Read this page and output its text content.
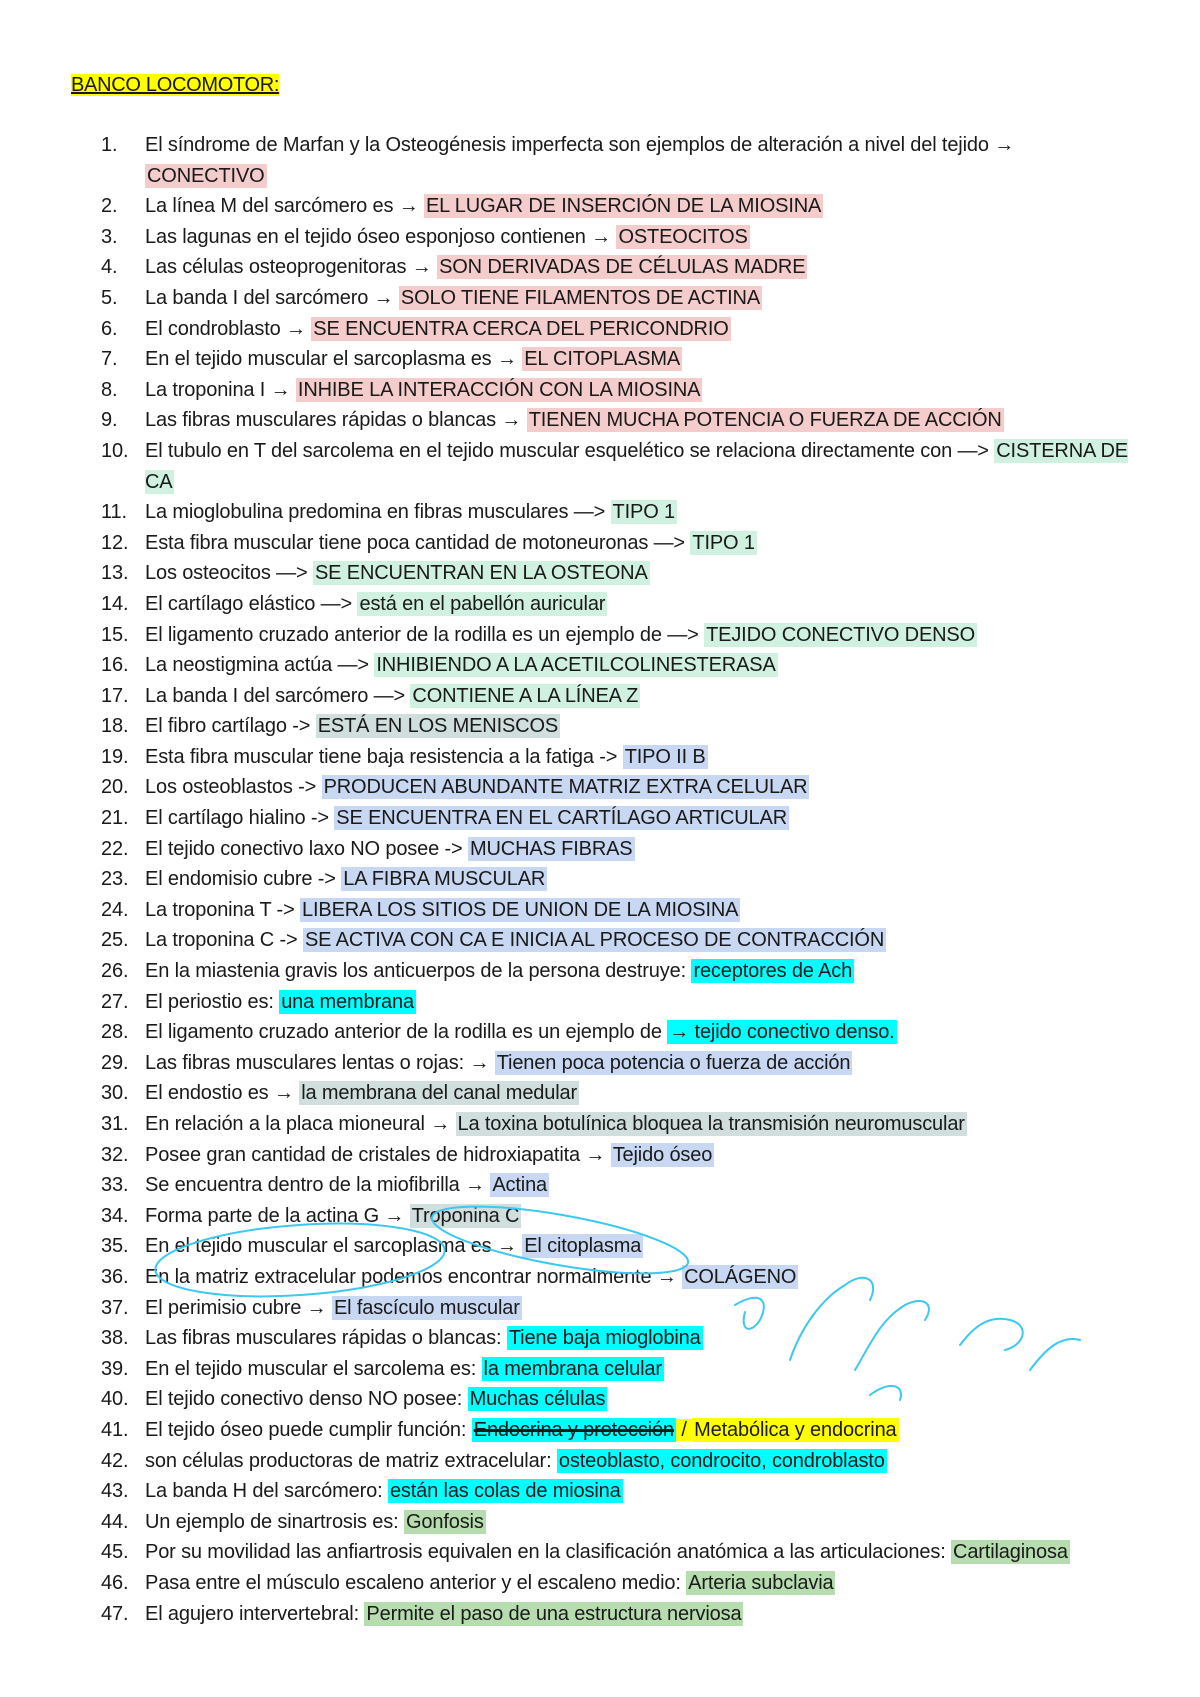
BANCO LOCOMOTOR:
1.	El síndrome de Marfan y la Osteogénesis imperfecta son ejemplos de alteración a nivel del tejido → CONECTIVO
2.	La línea M del sarcómero es → EL LUGAR DE INSERCIÓN DE LA MIOSINA
3.	Las lagunas en el tejido óseo esponjoso contienen → OSTEOCITOS
4.	Las células osteoprogenitoras → SON DERIVADAS DE CÉLULAS MADRE
5.	La banda I del sarcómero → SOLO TIENE FILAMENTOS DE ACTINA
6.	El condroblasto → SE ENCUENTRA CERCA DEL PERICONDRIO
7.	En el tejido muscular el sarcoplasma es → EL CITOPLASMA
8.	La troponina I → INHIBE LA INTERACCIÓN CON LA MIOSINA
9.	Las fibras musculares rápidas o blancas → TIENEN MUCHA POTENCIA O FUERZA DE ACCIÓN
10. El tubulo en T del sarcolema en el tejido muscular esquelético se relaciona directamente con —> CISTERNA DE CA
11. La mioglobulina predomina en fibras musculares —> TIPO 1
12. Esta fibra muscular tiene poca cantidad de motoneuronas —> TIPO 1
13. Los osteocitos —> SE ENCUENTRAN EN LA OSTEONA
14. El cartílago elástico —> está en el pabellón auricular
15. El ligamento cruzado anterior de la rodilla es un ejemplo de —> TEJIDO CONECTIVO DENSO
16. La neostigmina actúa —> INHIBIENDO A LA ACETILCOLINESTERASA
17. La banda I del sarcómero —> CONTIENE A LA LÍNEA Z
18. El fibro cartílago -> ESTÁ EN LOS MENISCOS
19. Esta fibra muscular tiene baja resistencia a la fatiga -> TIPO II B
20. Los osteoblastos -> PRODUCEN ABUNDANTE MATRIZ EXTRA CELULAR
21. El cartílago hialino -> SE ENCUENTRA EN EL CARTÍLAGO ARTICULAR
22. El tejido conectivo laxo NO posee -> MUCHAS FIBRAS
23. El endomisio cubre -> LA FIBRA MUSCULAR
24. La troponina T -> LIBERA LOS SITIOS DE UNION DE LA MIOSINA
25. La troponina C -> SE ACTIVA CON CA E INICIA AL PROCESO DE CONTRACCIÓN
26. En la miastenia gravis los anticuerpos de la persona destruye: receptores de Ach
27. El periostio es: una membrana
28. El ligamento cruzado anterior de la rodilla es un ejemplo de → tejido conectivo denso.
29. Las fibras musculares lentas o rojas: → Tienen poca potencia o fuerza de acción
30. El endostio es → la membrana del canal medular
31. En relación a la placa mioneural → La toxina botulínica bloquea la transmisión neuromuscular
32. Posee gran cantidad de cristales de hidroxiapatita → Tejido óseo
33. Se encuentra dentro de la miofibrilla → Actina
34. Forma parte de la actina G → Troponina C
35. En el tejido muscular el sarcoplasma es → El citoplasma
36. En la matriz extracelular podemos encontrar normalmente → COLÁGENO
37. El perimisio cubre → El fascículo muscular
38. Las fibras musculares rápidas o blancas: Tiene baja mioglobina
39. En el tejido muscular el sarcolema es: la membrana celular
40. El tejido conectivo denso NO posee: Muchas células
41. El tejido óseo puede cumplir función: Endocrina y protección / Metabólica y endocrina
42. son células productoras de matriz extracelular: osteoblasto, condrocito, condroblasto
43. La banda H del sarcómero: están las colas de miosina
44. Un ejemplo de sinartrosis es: Gonfosis
45. Por su movilidad las anfiartrosis equivalen en la clasificación anatómica a las articulaciones: Cartilaginosa
46. Pasa entre el músculo escaleno anterior y el escaleno medio: Arteria subclavia
47. El agujero intervertebral: Permite el paso de una estructura nerviosa
